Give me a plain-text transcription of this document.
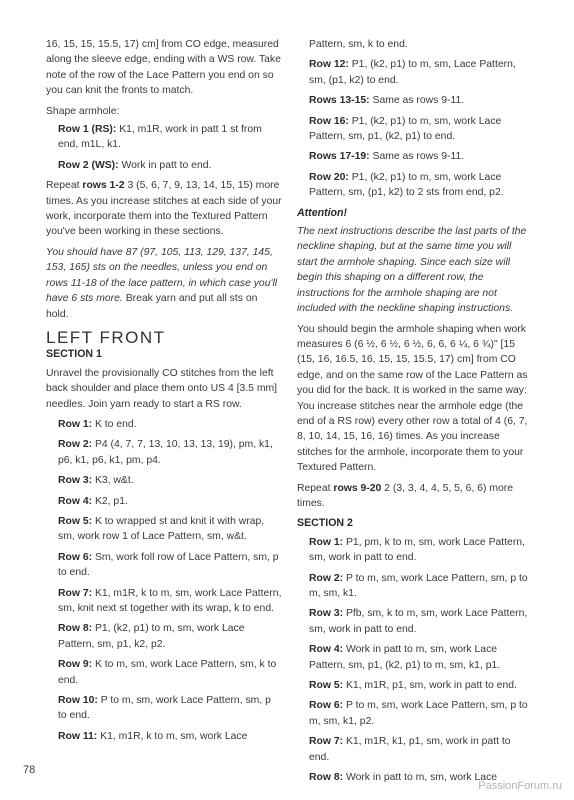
16, 15, 15, 15.5, 17) cm] from CO edge, measured along the sleeve edge, ending with a WS row. Take note of the row of the Lace Pattern you end on so you can knit the fronts to match.

Shape armhole:

Row 1 (RS): K1, m1R, work in patt 1 st from end, m1L, k1.

Row 2 (WS): Work in patt to end.

Repeat rows 1-2 3 (5, 6, 7, 9, 13, 14, 15, 15) more times. As you increase stitches at each side of your work, incorporate them into the Textured Pattern you've been working in these sections.

You should have 87 (97, 105, 113, 129, 137, 145, 153, 165) sts on the needles, unless you end on rows 11-18 of the lace pattern, in which case you'll have 6 sts more. Break yarn and put all sts on hold.

LEFT FRONT
SECTION 1

Unravel the provisionally CO stitches from the left back shoulder and place them onto US 4 [3.5 mm] needles. Join yarn ready to start a RS row.

Row 1: K to end.

Row 2: P4 (4, 7, 7, 13, 10, 13, 13, 19), pm, k1, p6, k1, p6, k1, pm, p4.

Row 3: K3, w&t.

Row 4: K2, p1.

Row 5: K to wrapped st and knit it with wrap, sm, work row 1 of Lace Pattern, sm, w&t.

Row 6: Sm, work foll row of Lace Pattern, sm, p to end.

Row 7: K1, m1R, k to m, sm, work Lace Pattern, sm, knit next st together with its wrap, k to end.

Row 8: P1, (k2, p1) to m, sm, work Lace Pattern, sm, p1, k2, p2.

Row 9: K to m, sm, work Lace Pattern, sm, k to end.

Row 10: P to m, sm, work Lace Pattern, sm, p to end.

Row 11: K1, m1R, k to m, sm, work Lace

Pattern, sm, k to end.

Row 12: P1, (k2, p1) to m, sm, Lace Pattern, sm, (p1, k2) to end.

Rows 13-15: Same as rows 9-11.

Row 16: P1, (k2, p1) to m, sm, work Lace Pattern, sm, p1, (k2, p1) to end.

Rows 17-19: Same as rows 9-11.

Row 20: P1, (k2, p1) to m, sm, work Lace Pattern, sm, (p1, k2) to 2 sts from end, p2.

Attention!

The next instructions describe the last parts of the neckline shaping, but at the same time you will start the armhole shaping. Since each size will begin this shaping on a different row, the instructions for the armhole shaping are not included with the neckline shaping instructions.

You should begin the armhole shaping when work measures 6 (6 ½, 6 ½, 6 ½, 6, 6, 6 ¼, 6 ¾)" [15 (15, 16, 16.5, 16, 15, 15, 15.5, 17) cm] from CO edge, and on the same row of the Lace Pattern as you did for the back. It is worked in the same way: You increase stitches near the armhole edge (the end of a RS row) every other row a total of 4 (6, 7, 8, 10, 14, 15, 16, 16) times. As you increase stitches for the armhole, incorporate them to your Textured Pattern.

Repeat rows 9-20 2 (3, 3, 4, 4, 5, 5, 6, 6) more times.

SECTION 2

Row 1: P1, pm, k to m, sm, work Lace Pattern, sm, work in patt to end.

Row 2: P to m, sm, work Lace Pattern, sm, p to m, sm, k1.

Row 3: Pfb, sm, k to m, sm, work Lace Pattern, sm, work in patt to end.

Row 4: Work in patt to m, sm, work Lace Pattern, sm, p1, (k2, p1) to m, sm, k1, p1.

Row 5: K1, m1R, p1, sm, work in patt to end.

Row 6: P to m, sm, work Lace Pattern, sm, p to m, sm, k1, p2.

Row 7: K1, m1R, k1, p1, sm, work in patt to end.

Row 8: Work in patt to m, sm, work Lace

78
PassionForum.ru
